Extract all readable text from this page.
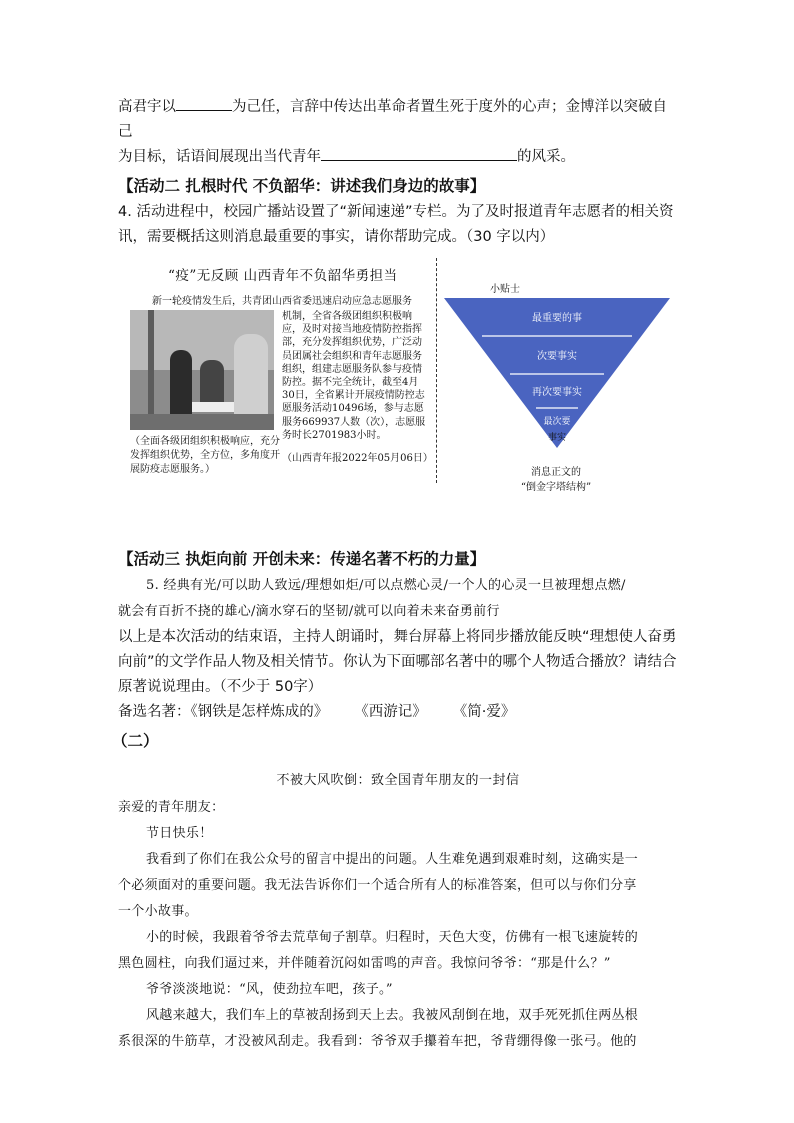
高君宇以	为己任，言辞中传达出革命者置生死于度外的心声；金博洋以突破自己

为目标，话语间展现出当代青年	的风采。

【活动二 扎根时代 不负韶华：讲述我们身边的故事】

4. 活动进程中，校园广播站设置了“新闻速递”专栏。为了及时报道青年志愿者的相关资

讯，需要概括这则消息最重要的事实，请你帮助完成。（30 字以内）

“疫”无反顾 山西青年不负韶华勇担当
新一轮疫情发生后，共青团山西省委迅速启动应急志愿服务
机制，全省各级团组织积极响应，及时对接当地疫情防控指挥部，充分发挥组织优势，广泛动员团属社会组织和青年志愿服务组织，组建志愿服务队参与疫情防控。据不完全统计，截至4月30日，全省累计开展疫情防控志愿服务活动10496场，参与志愿服务669937人数（次），志愿服务时长2701983小时。
（全面各级团组织积极响应，充分发挥组织优势，全方位，多角度开展防疫志愿服务。）
（山西青年报2022年05月06日）
小贴士
最重要的事
次要事实
再次要事实
最次要
事实
消息正文的
“倒金字塔结构”

【活动三 执炬向前 开创未来：传递名著不朽的力量】

5. 经典有光/可以助人致远/理想如炬/可以点燃心灵/一个人的心灵一旦被理想点燃/

就会有百折不挠的雄心/滴水穿石的坚韧/就可以向着未来奋勇前行

以上是本次活动的结束语，主持人朗诵时，舞台屏幕上将同步播放能反映“理想使人奋勇

向前”的文学作品人物及相关情节。你认为下面哪部名著中的哪个人物适合播放？请结合

原著说说理由。（不少于 50字）

备选名著：《钢铁是怎样炼成的》 《西游记》 《简·爱》

（二）

不被大风吹倒：致全国青年朋友的一封信

亲爱的青年朋友：

节日快乐！

我看到了你们在我公众号的留言中提出的问题。人生难免遇到艰难时刻，这确实是一

个必须面对的重要问题。我无法告诉你们一个适合所有人的标准答案，但可以与你们分享

一个小故事。

小的时候，我跟着爷爷去荒草甸子割草。归程时，天色大变，仿佛有一根飞速旋转的

黑色圆柱，向我们逼过来，并伴随着沉闷如雷鸣的声音。我惊问爷爷：“那是什么？”

爷爷淡淡地说：“风，使劲拉车吧，孩子。”

风越来越大，我们车上的草被刮扬到天上去。我被风刮倒在地，双手死死抓住两丛根

系很深的牛筋草，才没被风刮走。我看到：爷爷双手攥着车把，爷背绷得像一张弓。他的
